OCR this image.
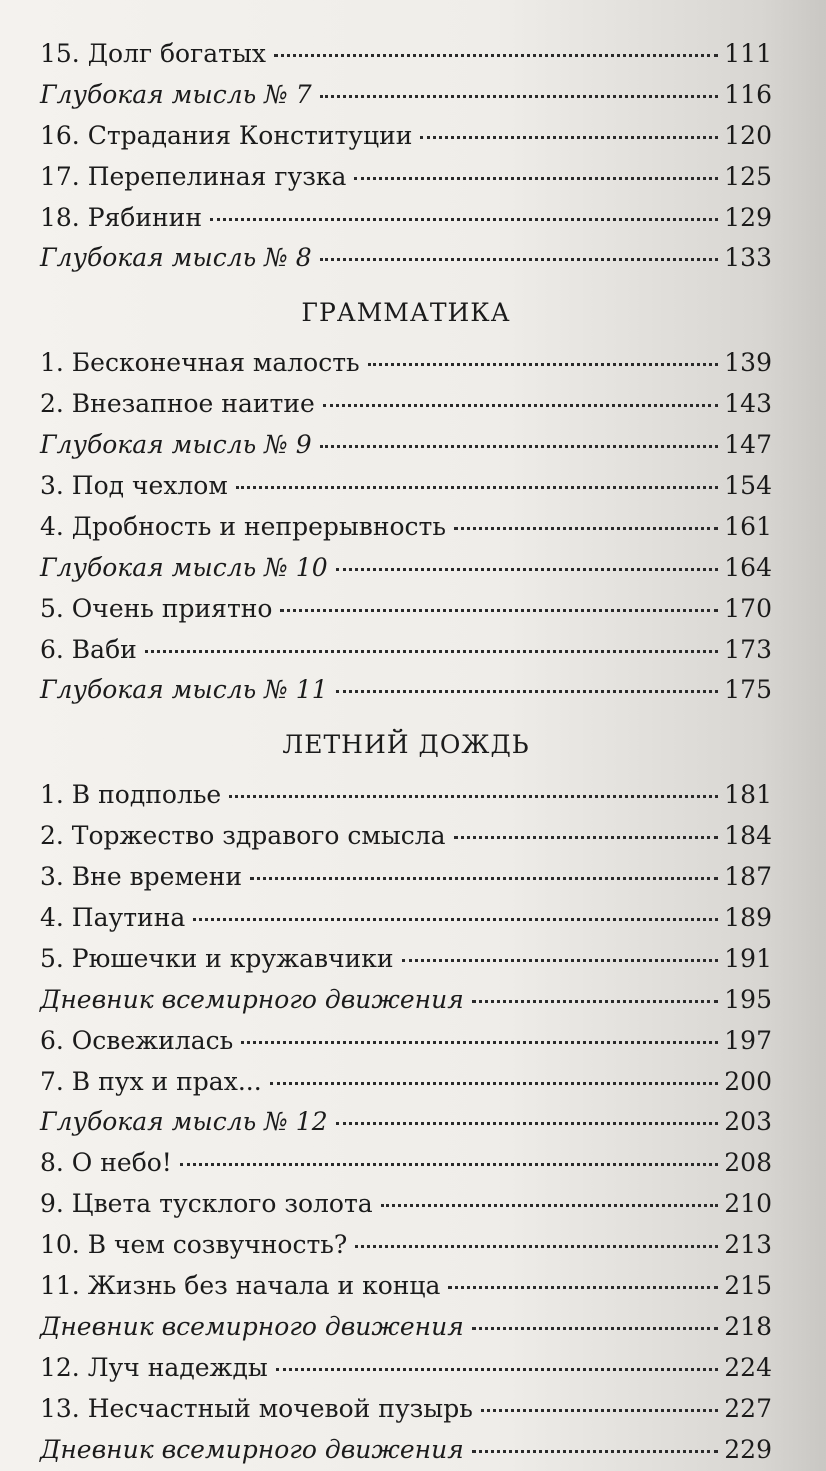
15. Долг богатых	111
Глубокая мысль № 7	116
16. Страдания Конституции	120
17. Перепелиная гузка	125
18. Рябинин	129
Глубокая мысль № 8	133
ГРАММАТИКА
1. Бесконечная малость	139
2. Внезапное наитие	143
Глубокая мысль № 9	147
3. Под чехлом	154
4. Дробность и непрерывность	161
Глубокая мысль № 10	164
5. Очень приятно	170
6. Ваби	173
Глубокая мысль № 11	175
ЛЕТНИЙ ДОЖДЬ
1. В подполье	181
2. Торжество здравого смысла	184
3. Вне времени	187
4. Паутина	189
5. Рюшечки и кружавчики	191
Дневник всемирного движения	195
6. Освежилась	197
7. В пух и прах...	200
Глубокая мысль № 12	203
8. О небо!	208
9. Цвета тусклого золота	210
10. В чем созвучность?	213
11. Жизнь без начала и конца	215
Дневник всемирного движения	218
12. Луч надежды	224
13. Несчастный мочевой пузырь	227
Дневник всемирного движения	229
